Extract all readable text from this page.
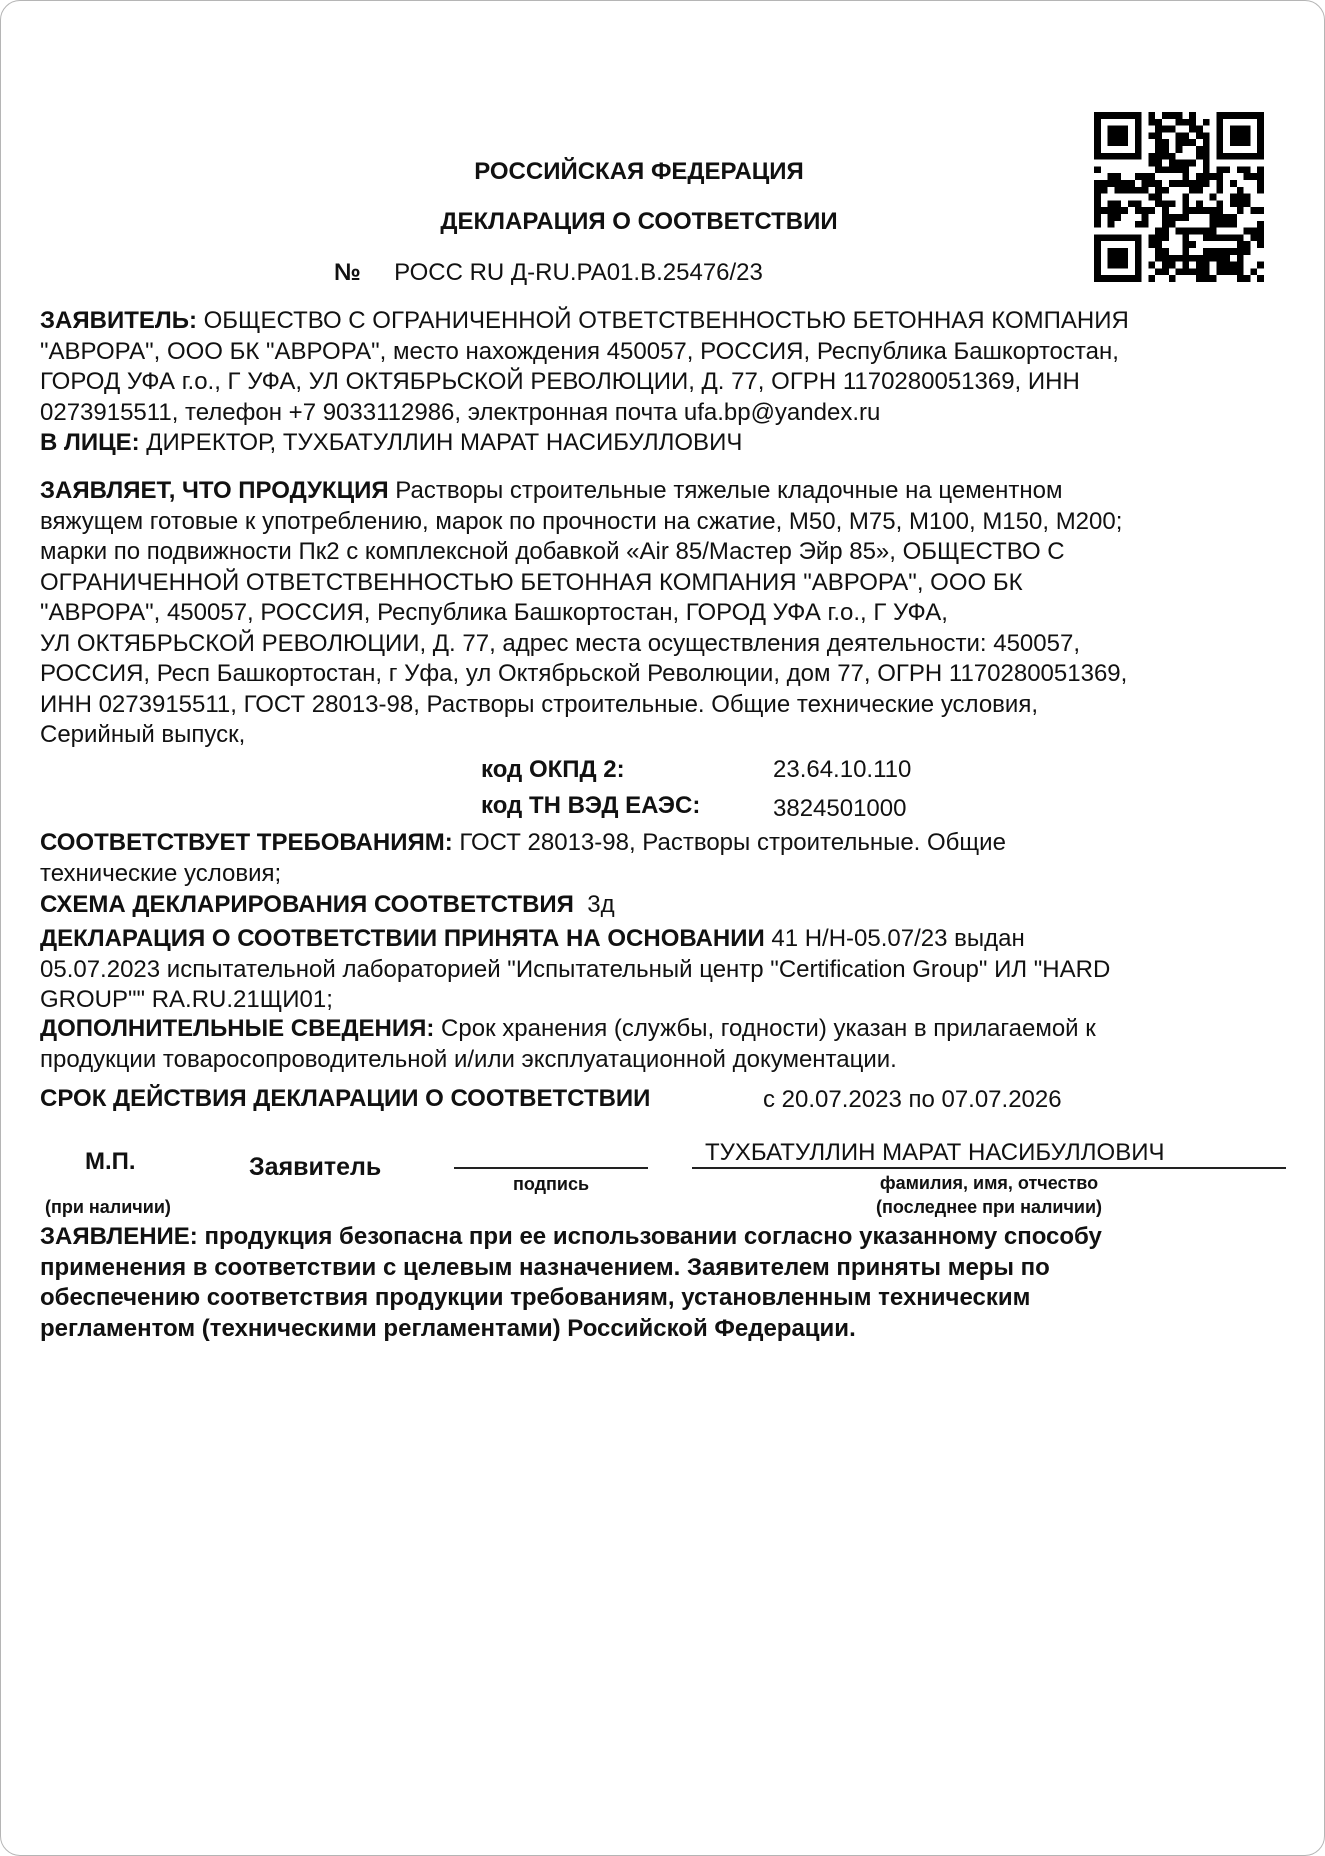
РОССИЙСКАЯ ФЕДЕРАЦИЯ
ДЕКЛАРАЦИЯ О СООТВЕТСТВИИ
№ РОСС RU Д-RU.PA01.B.25476/23
ЗАЯВИТЕЛЬ: ОБЩЕСТВО С ОГРАНИЧЕННОЙ ОТВЕТСТВЕННОСТЬЮ БЕТОННАЯ КОМПАНИЯ
"АВРОРА", ООО БК "АВРОРА", место нахождения 450057, РОССИЯ, Республика Башкортостан,
ГОРОД УФА г.о., Г УФА, УЛ ОКТЯБРЬСКОЙ РЕВОЛЮЦИИ, Д. 77, ОГРН 1170280051369, ИНН
0273915511, телефон +7 9033112986, электронная почта ufa.bp@yandex.ru
В ЛИЦЕ: ДИРЕКТОР, ТУХБАТУЛЛИН МАРАТ НАСИБУЛЛОВИЧ
ЗАЯВЛЯЕТ, ЧТО ПРОДУКЦИЯ Растворы строительные тяжелые кладочные на цементном
вяжущем готовые к употреблению, марок по прочности на сжатие, М50, М75, М100, М150, М200;
марки по подвижности Пк2 с комплексной добавкой «Air 85/Мастер Эйр 85», ОБЩЕСТВО С
ОГРАНИЧЕННОЙ ОТВЕТСТВЕННОСТЬЮ БЕТОННАЯ КОМПАНИЯ "АВРОРА", ООО БК
"АВРОРА", 450057, РОССИЯ, Республика Башкортостан, ГОРОД УФА г.о., Г УФА,
УЛ ОКТЯБРЬСКОЙ РЕВОЛЮЦИИ, Д. 77, адрес места осуществления деятельности: 450057,
РОССИЯ, Респ Башкортостан, г Уфа, ул Октябрьской Революции, дом 77, ОГРН 1170280051369,
ИНН 0273915511, ГОСТ 28013-98, Растворы строительные. Общие технические условия,
Серийный выпуск,
код ОКПД 2:	23.64.10.110
код ТН ВЭД ЕАЭС:	3824501000
СООТВЕТСТВУЕТ ТРЕБОВАНИЯМ: ГОСТ 28013-98, Растворы строительные. Общие
технические условия;
СХЕМА ДЕКЛАРИРОВАНИЯ СООТВЕТСТВИЯ 3д
ДЕКЛАРАЦИЯ О СООТВЕТСТВИИ ПРИНЯТА НА ОСНОВАНИИ 41 Н/Н-05.07/23 выдан
05.07.2023 испытательной лабораторией "Испытательный центр "Certification Group" ИЛ "HARD
GROUP"" RA.RU.21ЩИ01;
ДОПОЛНИТЕЛЬНЫЕ СВЕДЕНИЯ: Срок хранения (службы, годности) указан в прилагаемой к
продукции товаросопроводительной и/или эксплуатационной документации.
СРОК ДЕЙСТВИЯ ДЕКЛАРАЦИИ О СООТВЕТСТВИИ	с 20.07.2023 по 07.07.2026
М.П.
(при наличии)
Заявитель
подпись
ТУХБАТУЛЛИН МАРАТ НАСИБУЛЛОВИЧ
фамилия, имя, отчество
(последнее при наличии)
ЗАЯВЛЕНИЕ: продукция безопасна при ее использовании согласно указанному способу
применения в соответствии с целевым назначением. Заявителем приняты меры по
обеспечению соответствия продукции требованиям, установленным техническим
регламентом (техническими регламентами) Российской Федерации.
